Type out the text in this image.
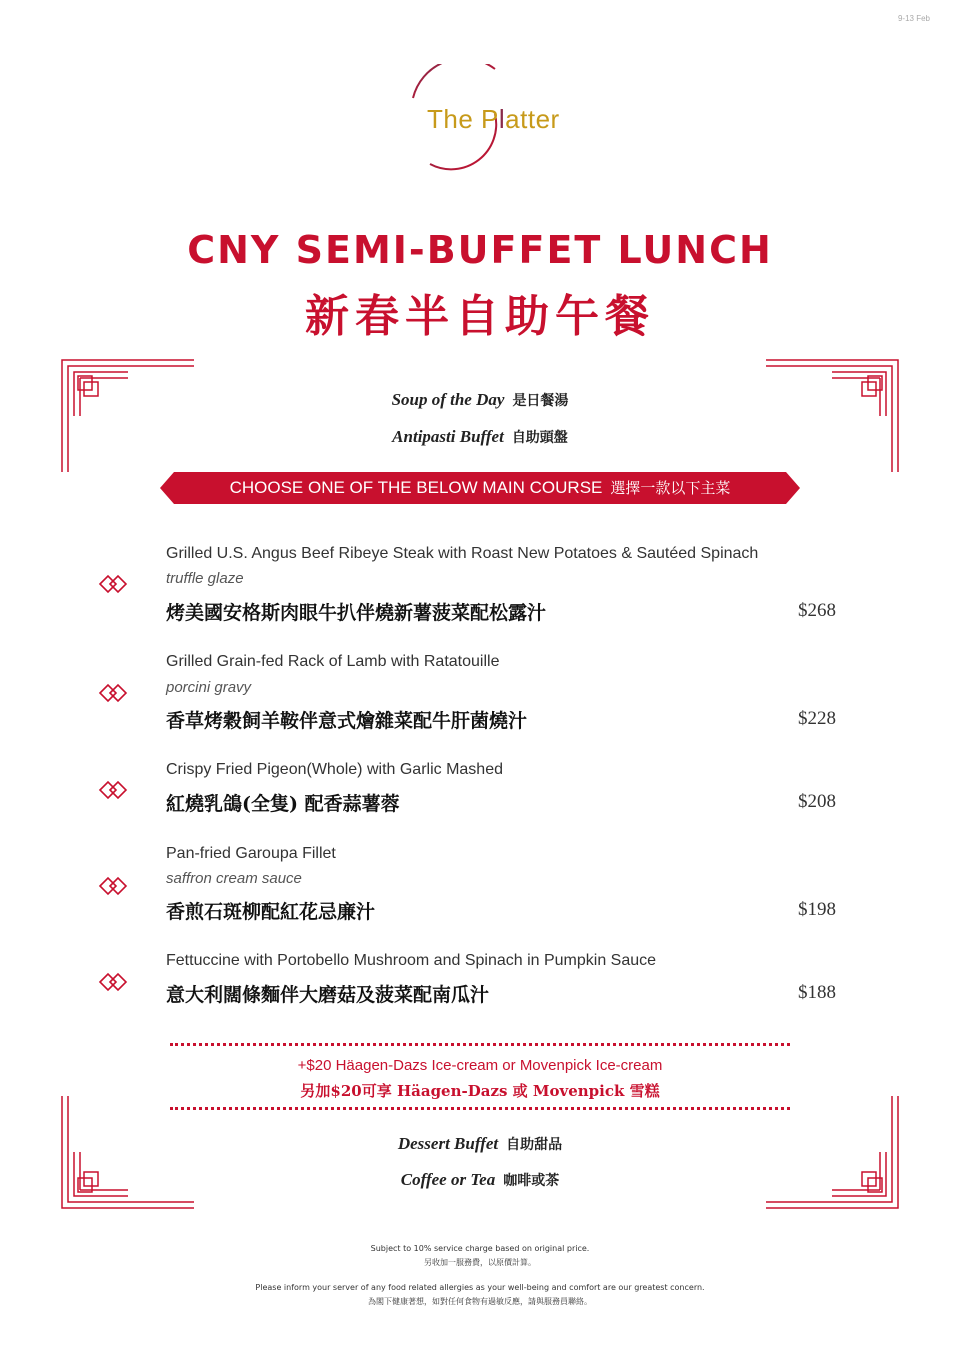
9-13 Feb
The Platter
CNY SEMI-BUFFET LUNCH
新春半自助午餐
Soup of the Day 是日餐湯
Antipasti Buffet 自助頭盤
CHOOSE ONE OF THE BELOW MAIN COURSE 選擇一款以下主菜
Grilled U.S. Angus Beef Ribeye Steak with Roast New Potatoes & Sautéed Spinach
truffle glaze
烤美國安格斯肉眼牛扒伴燒新薯菠菜配松露汁	$268
Grilled Grain-fed Rack of Lamb with Ratatouille
porcini gravy
香草烤穀飼羊鞍伴意式燴雜菜配牛肝菌燒汁	$228
Crispy Fried Pigeon(Whole) with Garlic Mashed
紅燒乳鴿(全隻) 配香蒜薯蓉	$208
Pan-fried Garoupa Fillet
saffron cream sauce
香煎石斑柳配紅花忌廉汁	$198
Fettuccine with Portobello Mushroom and Spinach in Pumpkin Sauce
意大利闊條麵伴大磨菇及菠菜配南瓜汁	$188
+$20 Häagen-Dazs Ice-cream or Movenpick Ice-cream
另加$20可享 Häagen-Dazs 或 Movenpick 雪糕
Dessert Buffet 自助甜品
Coffee or Tea 咖啡或茶
Subject to 10% service charge based on original price.
另收加一服務費，以原價計算。
Please inform your server of any food related allergies as your well-being and comfort are our greatest concern.
為閣下健康著想，如對任何食物有過敏反應，請與服務員聯絡。
